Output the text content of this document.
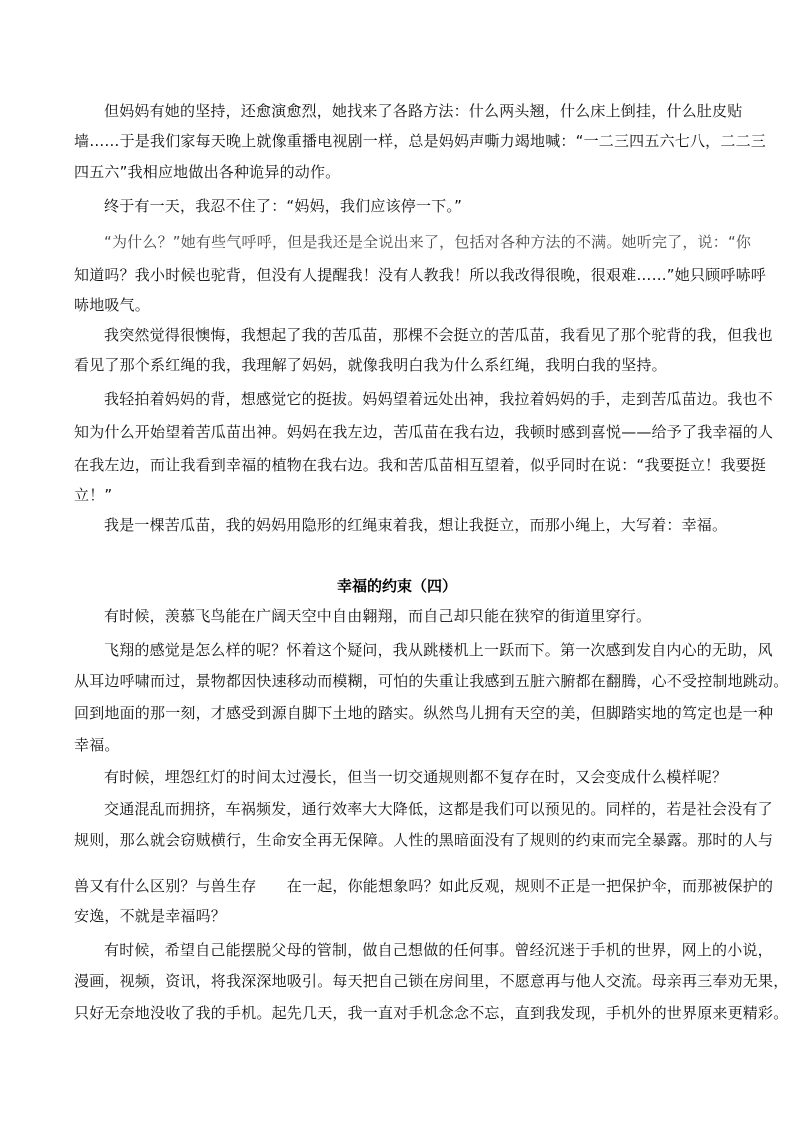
但妈妈有她的坚持，还愈演愈烈，她找来了各路方法：什么两头翘，什么床上倒挂，什么肚皮贴
墙……于是我们家每天晚上就像重播电视剧一样，总是妈妈声嘶力竭地喊：“一二三四五六七八，二二三
四五六”我相应地做出各种诡异的动作。
终于有一天，我忍不住了：“妈妈，我们应该停一下。”
“为什么？”她有些气呼呼，但是我还是全说出来了，包括对各种方法的不满。她听完了，说：“你
知道吗？我小时候也驼背，但没有人提醒我！没有人教我！所以我改得很晚，很艰难……”她只顾呼哧呼
哧地吸气。
我突然觉得很懊悔，我想起了我的苦瓜苗，那棵不会挺立的苦瓜苗，我看见了那个驼背的我，但我也
看见了那个系红绳的我，我理解了妈妈，就像我明白我为什么系红绳，我明白我的坚持。
我轻拍着妈妈的背，想感觉它的挺拔。妈妈望着远处出神，我拉着妈妈的手，走到苦瓜苗边。我也不
知为什么开始望着苦瓜苗出神。妈妈在我左边，苦瓜苗在我右边，我顿时感到喜悦——给予了我幸福的人
在我左边，而让我看到幸福的植物在我右边。我和苦瓜苗相互望着，似乎同时在说：“我要挺立！我要挺
立！”
我是一棵苦瓜苗，我的妈妈用隐形的红绳束着我，想让我挺立，而那小绳上，大写着：幸福。
幸福的约束（四）
有时候，羡慕飞鸟能在广阔天空中自由翱翔，而自己却只能在狭窄的街道里穿行。
飞翔的感觉是怎么样的呢？怀着这个疑问，我从跳楼机上一跃而下。第一次感到发自内心的无助，风
从耳边呼啸而过，景物都因快速移动而模糊，可怕的失重让我感到五脏六腑都在翻腾，心不受控制地跳动。
回到地面的那一刻，才感受到源自脚下土地的踏实。纵然鸟儿拥有天空的美，但脚踏实地的笃定也是一种
幸福。
有时候，埋怨红灯的时间太过漫长，但当一切交通规则都不复存在时，又会变成什么模样呢？
交通混乱而拥挤，车祸频发，通行效率大大降低，这都是我们可以预见的。同样的，若是社会没有了
规则，那么就会窃贼横行，生命安全再无保障。人性的黑暗面没有了规则的约束而完全暴露。那时的人与
兽又有什么区别？与兽生存　　在一起，你能想象吗？如此反观，规则不正是一把保护伞，而那被保护的
安逸，不就是幸福吗？
有时候，希望自己能摆脱父母的管制，做自己想做的任何事。曾经沉迷于手机的世界，网上的小说，
漫画，视频，资讯，将我深深地吸引。每天把自己锁在房间里，不愿意再与他人交流。母亲再三奉劝无果，
只好无奈地没收了我的手机。起先几天，我一直对手机念念不忘，直到我发现，手机外的世界原来更精彩。
